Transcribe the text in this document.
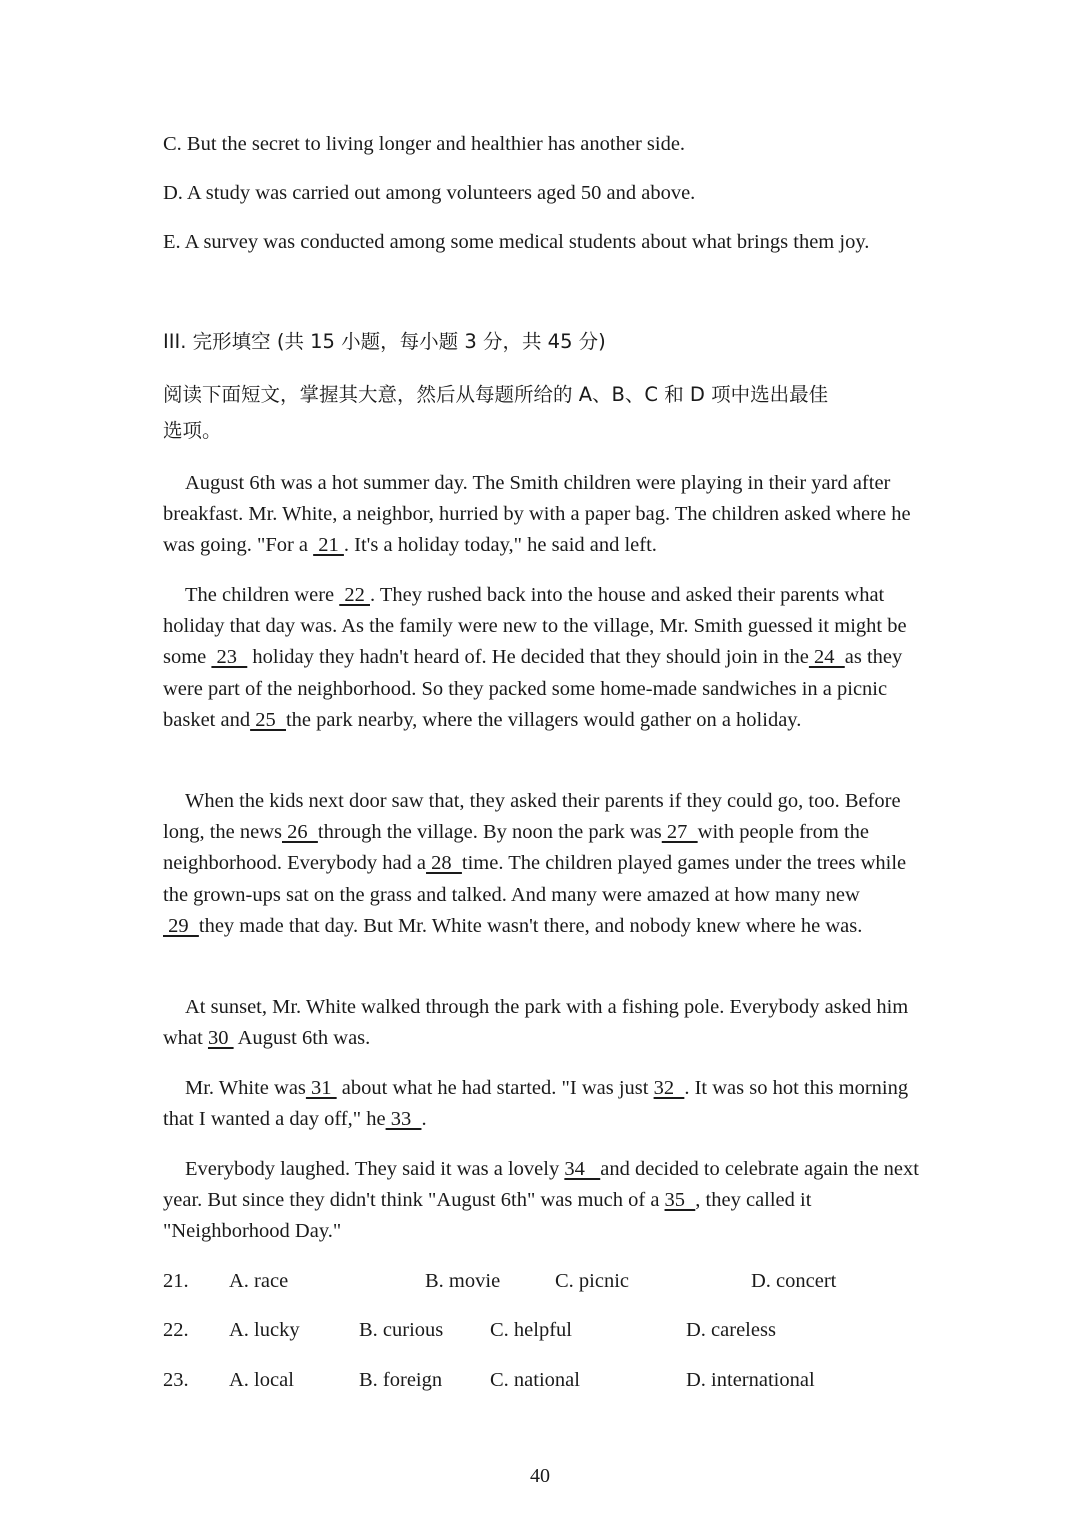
C. But the secret to living longer and healthier has another side.
D. A study was carried out among volunteers aged 50 and above.
E. A survey was conducted among some medical students about what brings them joy.
III. 完形填空 (共 15 小题，每小题 3 分，共 45 分)
阅读下面短文，掌握其大意，然后从每题所给的 A、B、C 和 D 项中选出最佳
选项。
August 6th was a hot summer day. The Smith children were playing in their yard after breakfast. Mr. White, a neighbor, hurried by with a paper bag. The children asked where he was going. "For a  21 . It's a holiday today," he said and left.
The children were  22 . They rushed back into the house and asked their parents what holiday that day was. As the family were new to the village, Mr. Smith guessed it might be some  23   holiday they hadn't heard of. He decided that they should join in the 24  as they were part of the neighborhood. So they packed some home-made sandwiches in a picnic basket and 25  the park nearby, where the villagers would gather on a holiday.
When the kids next door saw that, they asked their parents if they could go, too. Before long, the news 26  through the village. By noon the park was 27  with people from the neighborhood. Everybody had a 28  time. The children played games under the trees while the grown-ups sat on the grass and talked. And many were amazed at how many new 29  they made that day. But Mr. White wasn't there, and nobody knew where he was.
At sunset, Mr. White walked through the park with a fishing pole. Everybody asked him what 30  August 6th was.
Mr. White was 31  about what he had started. "I was just 32  . It was so hot this morning that I wanted a day off," he 33  .
Everybody laughed. They said it was a lovely 34   and decided to celebrate again the next year. But since they didn't think "August 6th" was much of a 35  , they called it "Neighborhood Day."
21. A. race	B. movie	C. picnic	D. concert
22. A. lucky	B. curious C. helpful	D. careless
23. A. local	B. foreign C. national	D. international
40
